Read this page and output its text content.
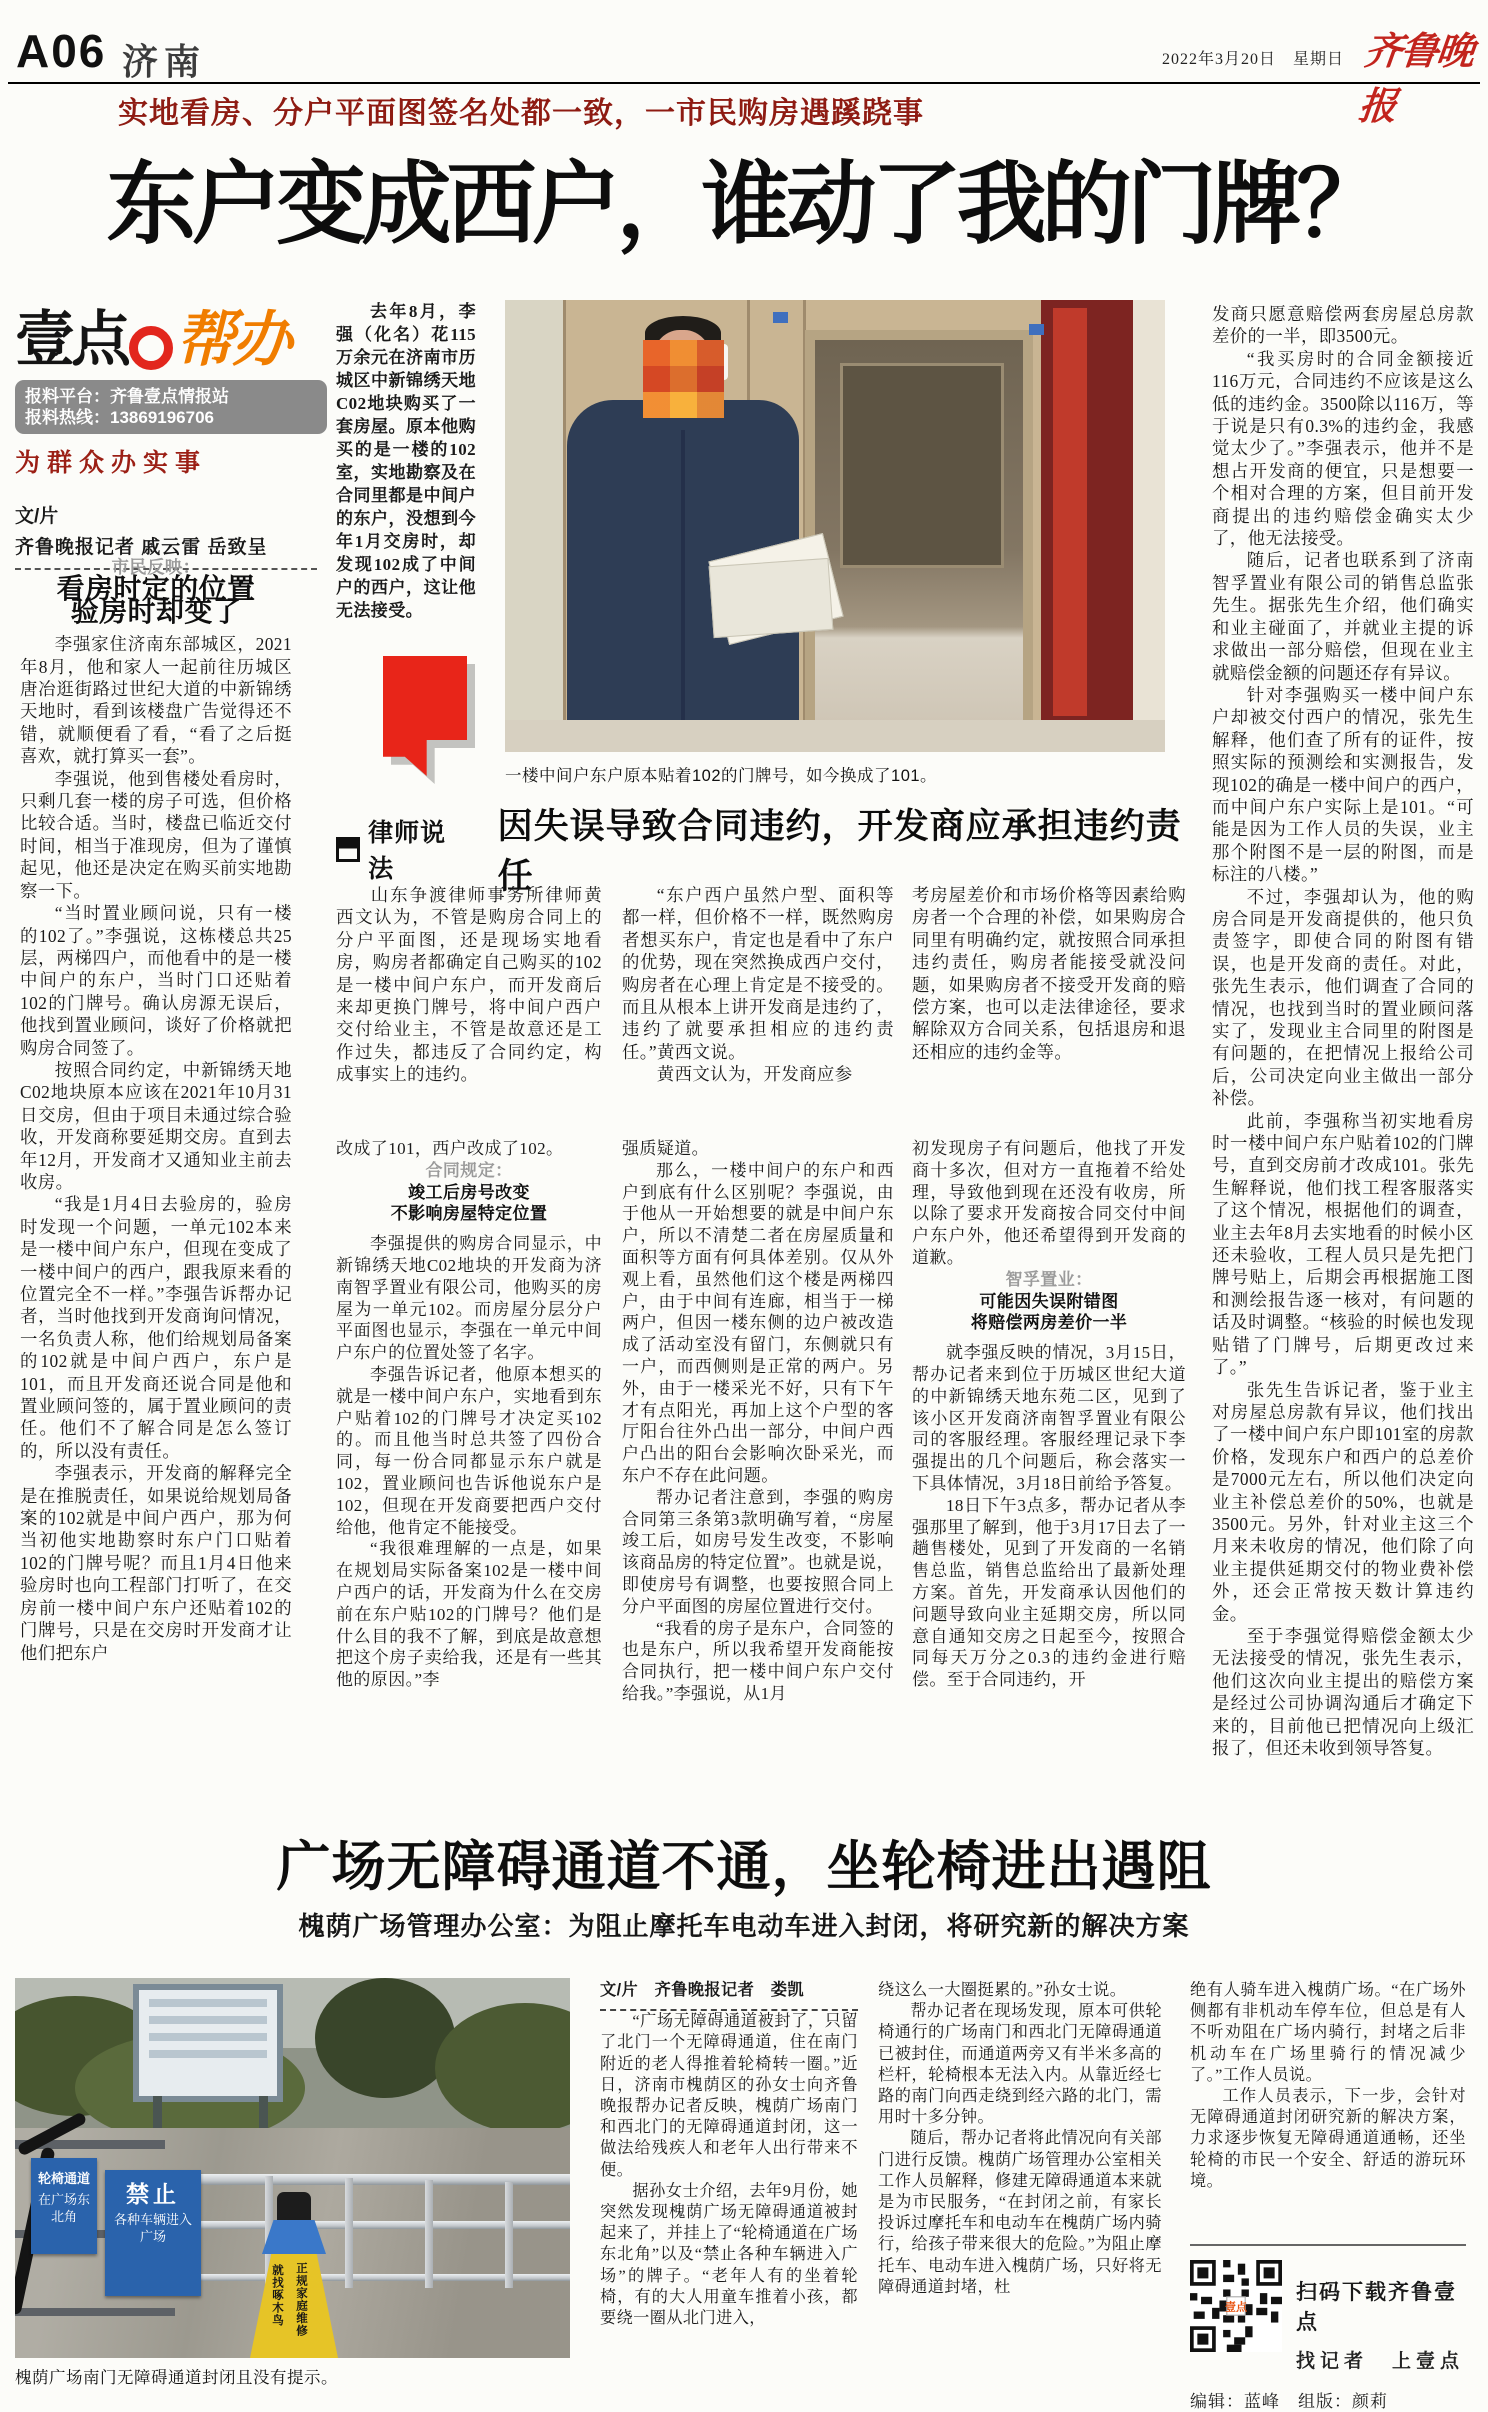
A06 济南	2022年3月20日　 星期日 齐鲁晚报
实地看房、分户平面图签名处都一致，一市民购房遇蹊跷事
东户变成西户，谁动了我的门牌？
壹点 帮办
报料平台：齐鲁壹点情报站
报料热线：13869196706
为群众办实事
文/片
齐鲁晚报记者 戚云雷 岳致呈

市民反映：

看房时定的位置

验房时却变了

李强家住济南东部城区，2021年8月，他和家人一起前往历城区唐冶逛街路过世纪大道的中新锦绣天地时，看到该楼盘广告觉得还不错，就顺便看了看，“看了之后挺喜欢，就打算买一套”。

李强说，他到售楼处看房时，只剩几套一楼的房子可选，但价格比较合适。当时，楼盘已临近交付时间，相当于准现房，但为了谨慎起见，他还是决定在购买前实地勘察一下。

“当时置业顾问说，只有一楼的102了。”李强说，这栋楼总共25层，两梯四户，而他看中的是一楼中间户的东户，当时门口还贴着102的门牌号。确认房源无误后，他找到置业顾问，谈好了价格就把购房合同签了。

按照合同约定，中新锦绣天地C02地块原本应该在2021年10月31日交房，但由于项目未通过综合验收，开发商称要延期交房。直到去年12月，开发商才又通知业主前去收房。

“我是1月4日去验房的，验房时发现一个问题，一单元102本来是一楼中间户东户，但现在变成了一楼中间户的西户，跟我原来看的位置完全不一样。”李强告诉帮办记者，当时他找到开发商询问情况，一名负责人称，他们给规划局备案的102就是中间户西户，东户是101，而且开发商还说合同是他和置业顾问签的，属于置业顾问的责任。他们不了解合同是怎么签订的，所以没有责任。

李强表示，开发商的解释完全是在推脱责任，如果说给规划局备案的102就是中间户西户，那为何当初他实地勘察时东户门口贴着102的门牌号呢？而且1月4日他来验房时也向工程部门打听了，在交房前一楼中间户东户还贴着102的门牌号，只是在交房时开发商才让他们把东户

去年8月，李强（化名）花115万余元在济南市历城区中新锦绣天地C02地块购买了一套房屋。原本他购买的是一楼的102室，实地勘察及在合同里都是中间户的东户，没想到今年1月交房时，却发现102成了中间户的西户，这让他无法接受。

一楼中间户东户原本贴着102的门牌号，如今换成了101。
律师说法
因失误导致合同违约，开发商应承担违约责任

山东争渡律师事务所律师黄西文认为，不管是购房合同上的分户平面图，还是现场实地看房，购房者都确定自己购买的102是一楼中间户东户，而开发商后来却更换门牌号，将中间户西户交付给业主，不管是故意还是工作过失，都违反了合同约定，构成事实上的违约。

“东户西户虽然户型、面积等都一样，但价格不一样，既然购房者想买东户，肯定也是看中了东户的优势，现在突然换成西户交付，购房者在心理上肯定是不接受的。而且从根本上讲开发商是违约了，违约了就要承担相应的违约责任。”黄西文说。

黄西文认为，开发商应参

考房屋差价和市场价格等因素给购房者一个合理的补偿，如果购房合同里有明确约定，就按照合同承担违约责任，购房者能接受就没问题，如果购房者不接受开发商的赔偿方案，也可以走法律途径，要求解除双方合同关系，包括退房和退还相应的违约金等。

改成了101，西户改成了102。

合同规定：

竣工后房号改变

不影响房屋特定位置

李强提供的购房合同显示，中新锦绣天地C02地块的开发商为济南智孚置业有限公司，他购买的房屋为一单元102。而房屋分层分户平面图也显示，李强在一单元中间户东户的位置处签了名字。

李强告诉记者，他原本想买的就是一楼中间户东户，实地看到东户贴着102的门牌号才决定买102的。而且他当时总共签了四份合同，每一份合同都显示东户就是102，置业顾问也告诉他说东户是102，但现在开发商要把西户交付给他，他肯定不能接受。

“我很难理解的一点是，如果在规划局实际备案102是一楼中间户西户的话，开发商为什么在交房前在东户贴102的门牌号？他们是什么目的我不了解，到底是故意想把这个房子卖给我，还是有一些其他的原因。”李

强质疑道。

那么，一楼中间户的东户和西户到底有什么区别呢？李强说，由于他从一开始想要的就是中间户东户，所以不清楚二者在房屋质量和面积等方面有何具体差别。仅从外观上看，虽然他们这个楼是两梯四户，由于中间有连廊，相当于一梯两户，但因一楼东侧的边户被改造成了活动室没有留门，东侧就只有一户，而西侧则是正常的两户。另外，由于一楼采光不好，只有下午才有点阳光，再加上这个户型的客厅阳台往外凸出一部分，中间户西户凸出的阳台会影响次卧采光，而东户不存在此问题。

帮办记者注意到，李强的购房合同第三条第3款明确写着，“房屋竣工后，如房号发生改变，不影响该商品房的特定位置”。也就是说，即使房号有调整，也要按照合同上分户平面图的房屋位置进行交付。

“我看的房子是东户，合同签的也是东户，所以我希望开发商能按合同执行，把一楼中间户东户交付给我。”李强说，从1月

初发现房子有问题后，他找了开发商十多次，但对方一直拖着不给处理，导致他到现在还没有收房，所以除了要求开发商按合同交付中间户东户外，他还希望得到开发商的道歉。

智孚置业：

可能因失误附错图

将赔偿两房差价一半

就李强反映的情况，3月15日，帮办记者来到位于历城区世纪大道的中新锦绣天地东苑二区，见到了该小区开发商济南智孚置业有限公司的客服经理。客服经理记录下李强提出的几个问题后，称会落实一下具体情况，3月18日前给予答复。

18日下午3点多，帮办记者从李强那里了解到，他于3月17日去了一趟售楼处，见到了开发商的一名销售总监，销售总监给出了最新处理方案。首先，开发商承认因他们的问题导致向业主延期交房，所以同意自通知交房之日起至今，按照合同每天万分之0.3的违约金进行赔偿。至于合同违约，开

发商只愿意赔偿两套房屋总房款差价的一半，即3500元。

“我买房时的合同金额接近116万元，合同违约不应该是这么低的违约金。3500除以116万，等于说是只有0.3%的违约金，我感觉太少了。”李强表示，他并不是想占开发商的便宜，只是想要一个相对合理的方案，但目前开发商提出的违约赔偿金确实太少了，他无法接受。

随后，记者也联系到了济南智孚置业有限公司的销售总监张先生。据张先生介绍，他们确实和业主碰面了，并就业主提的诉求做出一部分赔偿，但现在业主就赔偿金额的问题还存有异议。

针对李强购买一楼中间户东户却被交付西户的情况，张先生解释，他们查了所有的证件，按照实际的预测绘和实测报告，发现102的确是一楼中间户的西户，而中间户东户实际上是101。“可能是因为工作人员的失误，业主那个附图不是一层的附图，而是标注的八楼。”

不过，李强却认为，他的购房合同是开发商提供的，他只负责签字，即使合同的附图有错误，也是开发商的责任。对此，张先生表示，他们调查了合同的情况，也找到当时的置业顾问落实了，发现业主合同里的附图是有问题的，在把情况上报给公司后，公司决定向业主做出一部分补偿。

此前，李强称当初实地看房时一楼中间户东户贴着102的门牌号，直到交房前才改成101。张先生解释说，他们找工程客服落实了这个情况，根据他们的调查，业主去年8月去实地看的时候小区还未验收，工程人员只是先把门牌号贴上，后期会再根据施工图和测绘报告逐一核对，有问题的话及时调整。“核验的时候也发现贴错了门牌号，后期更改过来了。”

张先生告诉记者，鉴于业主对房屋总房款有异议，他们找出了一楼中间户东户即101室的房款价格，发现东户和西户的总差价是7000元左右，所以他们决定向业主补偿总差价的50%，也就是3500元。另外，针对业主这三个月来未收房的情况，他们除了向业主提供延期交付的物业费补偿外，还会正常按天数计算违约金。

至于李强觉得赔偿金额太少无法接受的情况，张先生表示，他们这次向业主提出的赔偿方案是经过公司协调沟通后才确定下来的，目前他已把情况向上级汇报了，但还未收到领导答复。

广场无障碍通道不通，坐轮椅进出遇阻
槐荫广场管理办公室：为阻止摩托车电动车进入封闭，将研究新的解决方案
轮椅通道
在广场东北角
禁止
各种车辆进入广场
就找啄木鸟 正规家庭维修
槐荫广场南门无障碍通道封闭且没有提示。

文/片　齐鲁晚报记者　娄凯

“广场无障碍通道被封了，只留了北门一个无障碍通道，住在南门附近的老人得推着轮椅转一圈。”近日，济南市槐荫区的孙女士向齐鲁晚报帮办记者反映，槐荫广场南门和西北门的无障碍通道封闭，这一做法给残疾人和老年人出行带来不便。

据孙女士介绍，去年9月份，她突然发现槐荫广场无障碍通道被封起来了，并挂上了“轮椅通道在广场东北角”以及“禁止各种车辆进入广场”的牌子。“老年人有的坐着轮椅，有的大人用童车推着小孩，都要绕一圈从北门进入，

绕这么一大圈挺累的。”孙女士说。

帮办记者在现场发现，原本可供轮椅通行的广场南门和西北门无障碍通道已被封住，而通道两旁又有半米多高的栏杆，轮椅根本无法入内。从靠近经七路的南门向西走绕到经六路的北门，需用时十多分钟。

随后，帮办记者将此情况向有关部门进行反馈。槐荫广场管理办公室相关工作人员解释，修建无障碍通道本来就是为市民服务，“在封闭之前，有家长投诉过摩托车和电动车在槐荫广场内骑行，给孩子带来很大的危险。”为阻止摩托车、电动车进入槐荫广场，只好将无障碍通道封堵，杜

绝有人骑车进入槐荫广场。“在广场外侧都有非机动车停车位，但总是有人不听劝阻在广场内骑行，封堵之后非机动车在广场里骑行的情况减少了。”工作人员说。

工作人员表示，下一步，会针对无障碍通道封闭研究新的解决方案，力求逐步恢复无障碍通道通畅，还坐轮椅的市民一个安全、舒适的游玩环境。

壹点
扫码下载齐鲁壹点
找记者　上壹点
编辑：蓝峰　组版：颜莉
